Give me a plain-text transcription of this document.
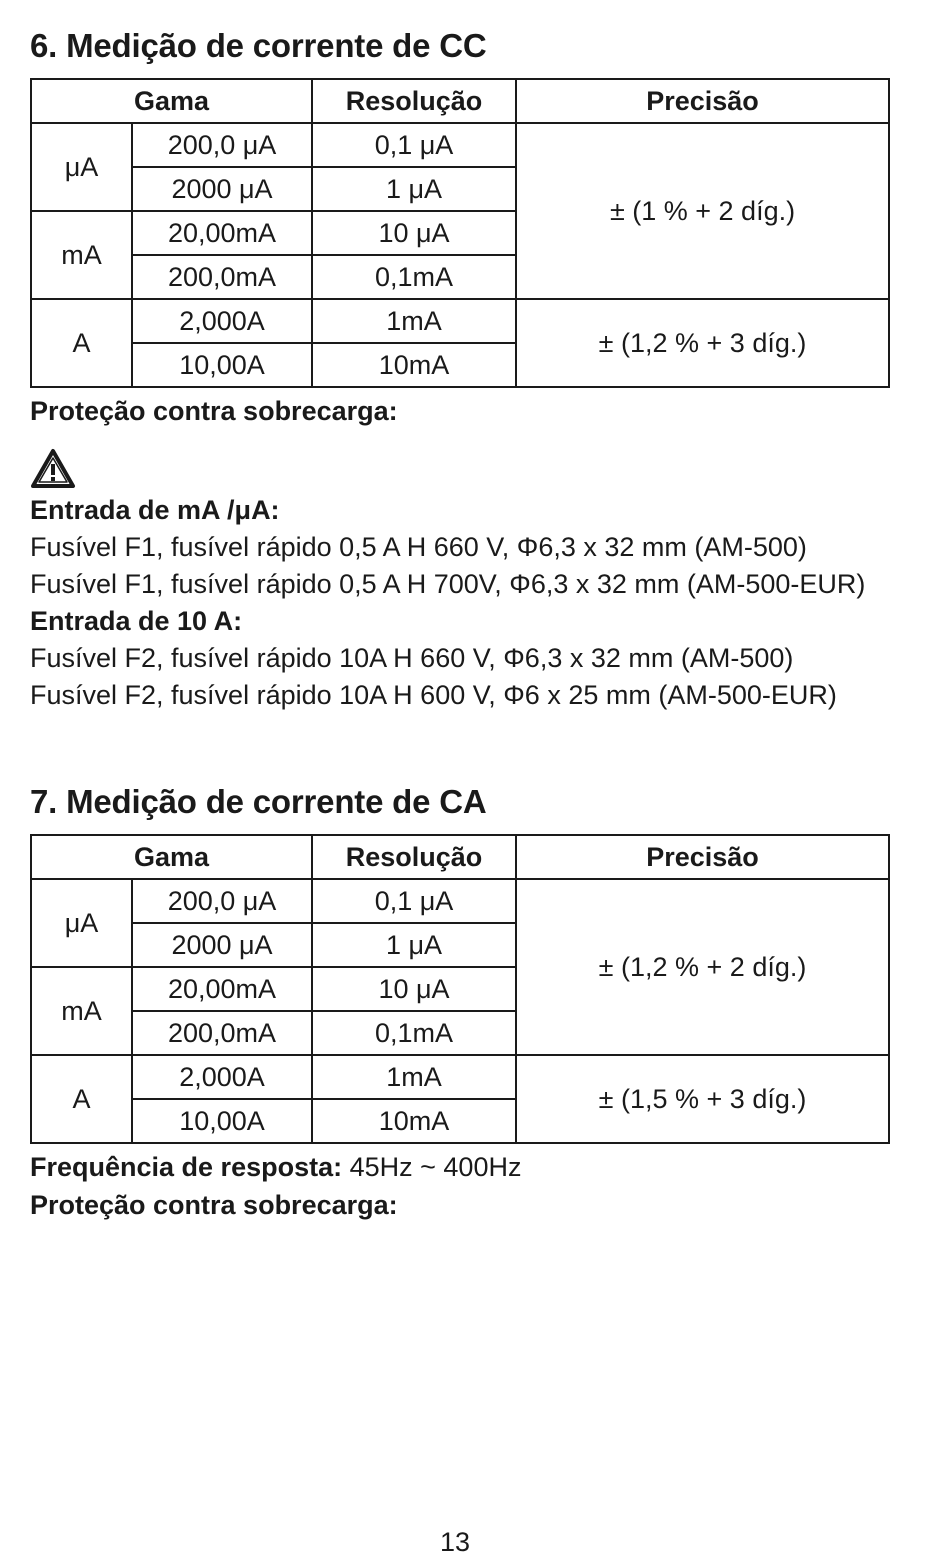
6. Medição de corrente de CC
Gama		Resolução	Precisão
μA	200,0 μA	0,1 μA	± (1 % + 2 díg.)
	2000 μA	1 μA	
mA	20,00mA	10 μA	
	200,0mA	0,1mA	
A	2,000A	1mA	± (1,2 % + 3 díg.)
	10,00A	10mA	
Proteção contra sobrecarga:
Entrada de mA /μA:
Fusível F1, fusível rápido 0,5 A H 660 V, Φ6,3 x 32 mm (AM-500)
Fusível F1, fusível rápido 0,5 A H 700V, Φ6,3 x 32 mm (AM-500-EUR)
Entrada de 10 A:
Fusível F2, fusível rápido 10A H 660 V, Φ6,3 x 32 mm (AM-500)
Fusível F2, fusível rápido 10A H 600 V, Φ6 x 25 mm (AM-500-EUR)
7. Medição de corrente de CA
Gama		Resolução	Precisão
μA	200,0 μA	0,1 μA	± (1,2 % + 2 díg.)
	2000 μA	1 μA	
mA	20,00mA	10 μA	
	200,0mA	0,1mA	
A	2,000A	1mA	± (1,5 % + 3 díg.)
	10,00A	10mA	
Frequência de resposta: 45Hz ~ 400Hz
Proteção contra sobrecarga:
13
